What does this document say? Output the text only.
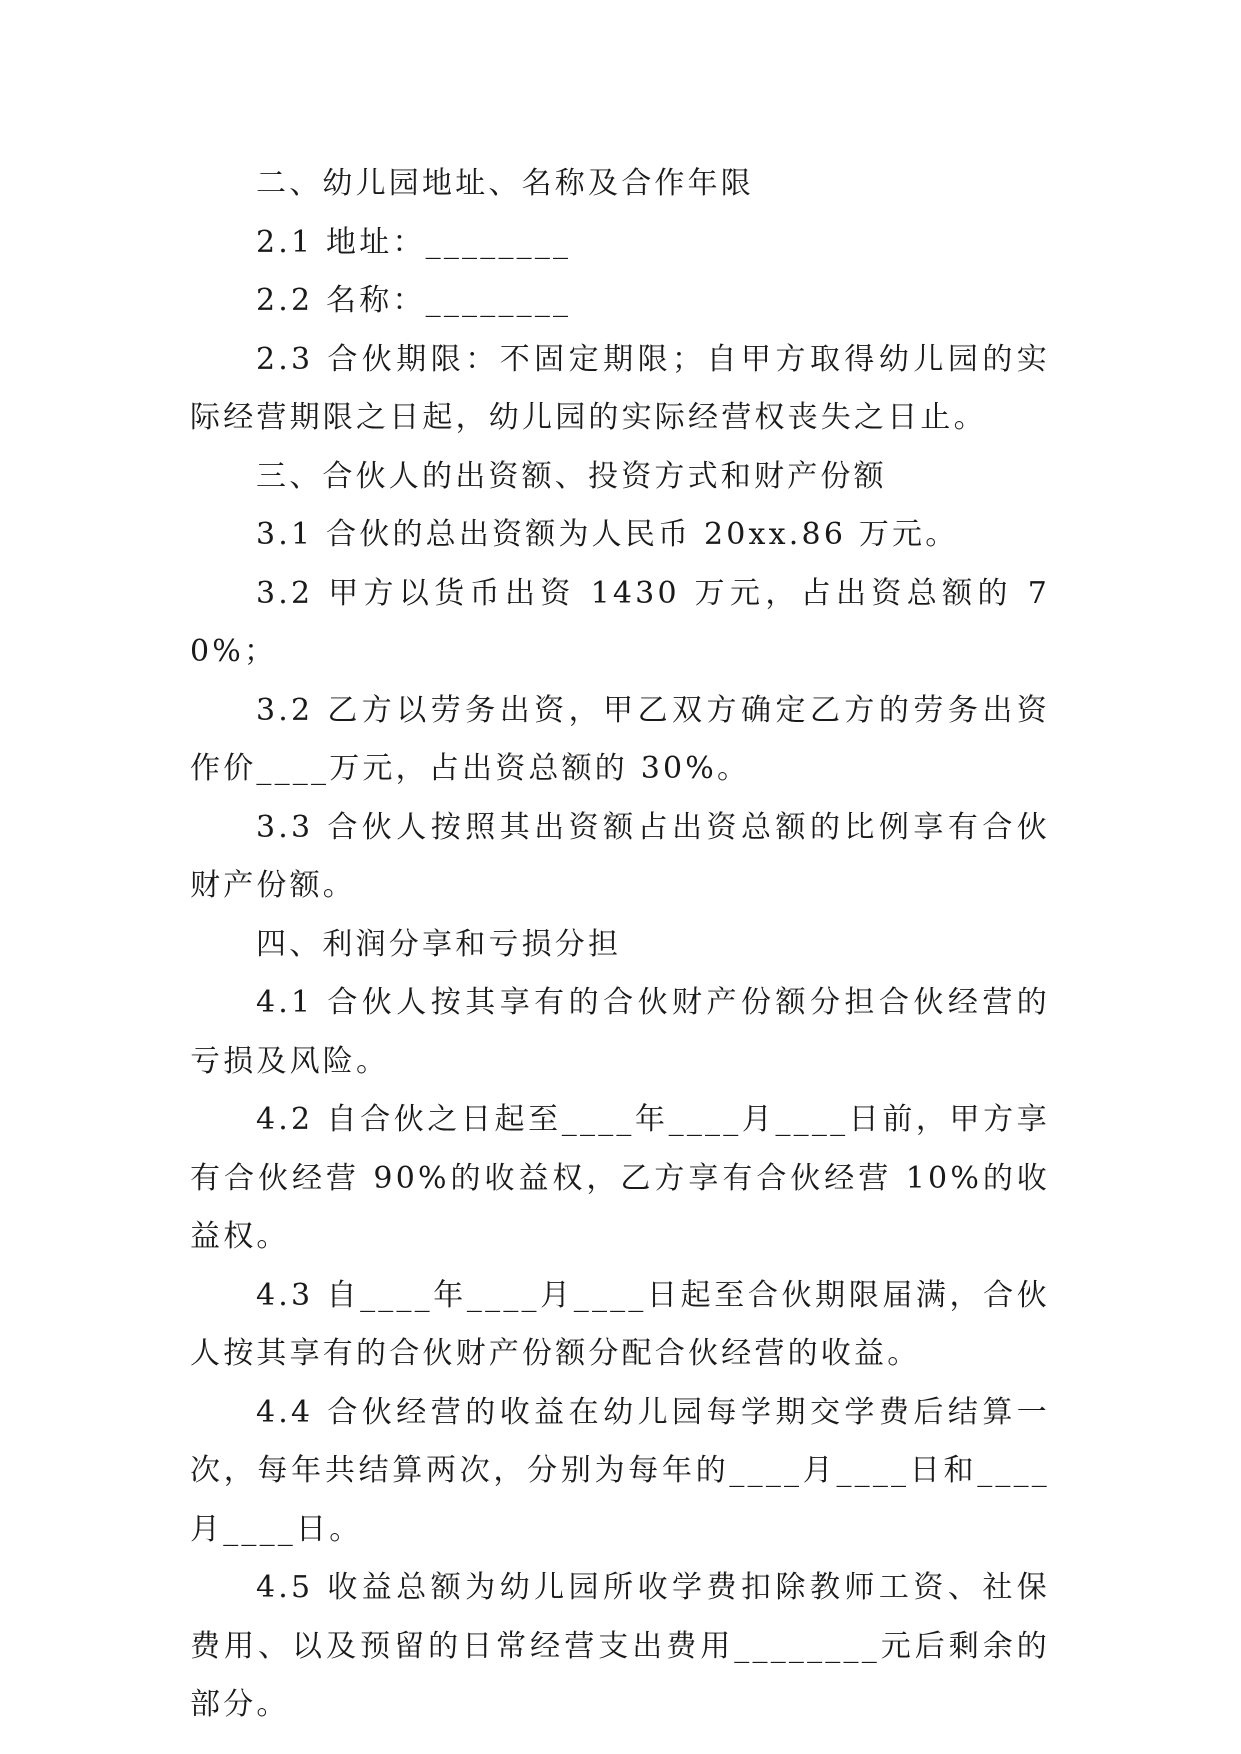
二、幼儿园地址、名称及合作年限

2.1 地址：________

2.2 名称：________

2.3 合伙期限：不固定期限；自甲方取得幼儿园的实际经营期限之日起，幼儿园的实际经营权丧失之日止。

三、合伙人的出资额、投资方式和财产份额

3.1 合伙的总出资额为人民币 20xx.86 万元。

3.2 甲方以货币出资 1430 万元，占出资总额的 70%；

3.2 乙方以劳务出资，甲乙双方确定乙方的劳务出资作价____万元，占出资总额的 30%。

3.3 合伙人按照其出资额占出资总额的比例享有合伙财产份额。

四、利润分享和亏损分担

4.1 合伙人按其享有的合伙财产份额分担合伙经营的亏损及风险。

4.2 自合伙之日起至____年____月____日前，甲方享有合伙经营 90%的收益权，乙方享有合伙经营 10%的收益权。

4.3 自____年____月____日起至合伙期限届满，合伙人按其享有的合伙财产份额分配合伙经营的收益。

4.4 合伙经营的收益在幼儿园每学期交学费后结算一次，每年共结算两次，分别为每年的____月____日和____月____日。

4.5 收益总额为幼儿园所收学费扣除教师工资、社保费用、以及预留的日常经营支出费用________元后剩余的部分。
